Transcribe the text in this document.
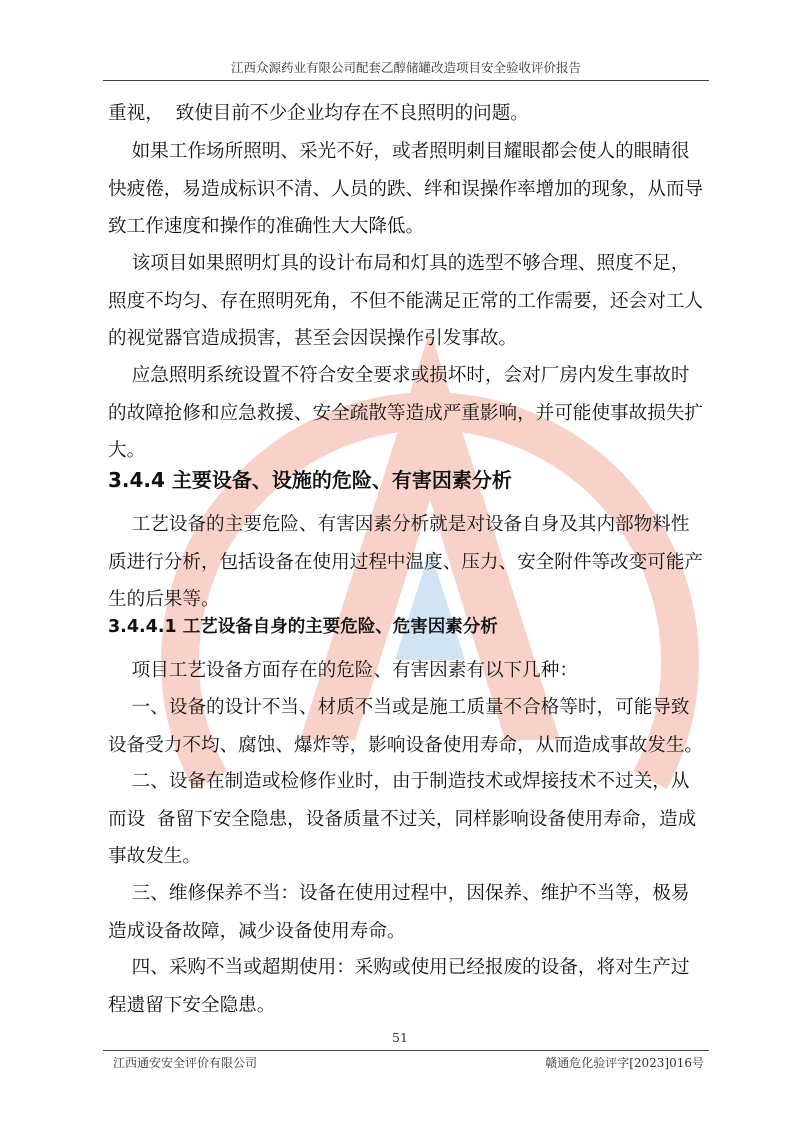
江西众源药业有限公司配套乙醇储罐改造项目安全验收评价报告

重视，  致使目前不少企业均存在不良照明的问题。

如果工作场所照明、采光不好，或者照明刺目耀眼都会使人的眼睛很快疲倦，易造成标识不清、人员的跌、绊和误操作率增加的现象，从而导致工作速度和操作的准确性大大降低。

该项目如果照明灯具的设计布局和灯具的选型不够合理、照度不足，照度不均匀、存在照明死角，不但不能满足正常的工作需要，还会对工人的视觉器官造成损害，甚至会因误操作引发事故。

应急照明系统设置不符合安全要求或损坏时，会对厂房内发生事故时的故障抢修和应急救援、安全疏散等造成严重影响，并可能使事故损失扩大。

3.4.4 主要设备、设施的危险、有害因素分析

工艺设备的主要危险、有害因素分析就是对设备自身及其内部物料性质进行分析，包括设备在使用过程中温度、压力、安全附件等改变可能产生的后果等。

3.4.4.1 工艺设备自身的主要危险、危害因素分析

项目工艺设备方面存在的危险、有害因素有以下几种：

一、设备的设计不当、材质不当或是施工质量不合格等时，可能导致设备受力不均、腐蚀、爆炸等，影响设备使用寿命，从而造成事故发生。

二、设备在制造或检修作业时，由于制造技术或焊接技术不过关，从而设  备留下安全隐患，设备质量不过关，同样影响设备使用寿命，造成事故发生。

三、维修保养不当：设备在使用过程中，因保养、维护不当等，极易造成设备故障，减少设备使用寿命。

四、采购不当或超期使用：采购或使用已经报废的设备，将对生产过程遗留下安全隐患。

51
江西通安安全评价有限公司	赣通危化验评字[2023]016号
